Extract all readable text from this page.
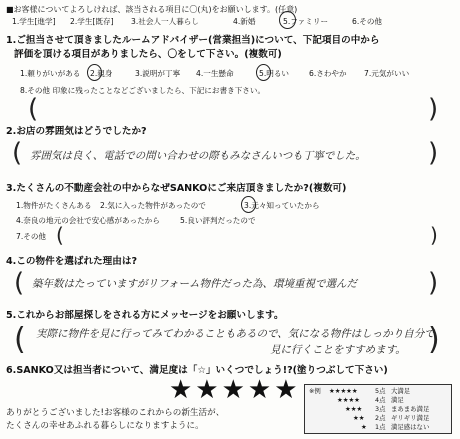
■お客様についてよろしければ、該当される項目に〇(丸)をお願いします。(任意)
1.学生[進学] 2.学生[既存] 3.社会人一人暮らし	4.新婚	5.ファミリー	6.その他
1.ご担当させて頂きましたルームアドバイザー(営業担当)について、下記項目の中から
評価を頂ける項目がありましたら、〇をして下さい。(複数可)
1.頼りがいがある 2.親身	3.説明が丁寧 4.一生懸命	5.明るい	6.さわやか 7.元気がいい
8.その他 印象に残ったことなどございましたら、下記にお書き下さい。
(	)
2.お店の雰囲気はどうでしたか?
( 雰囲気は良く、電話での問い合わせの際もみなさんいつも丁寧でした。 )
3.たくさんの不動産会社の中からなぜSANKOにご来店頂きましたか?(複数可)
1.物件がたくさんある 2.気に入った物件があったので	3.元々知っていたから
4.奈良の地元の会社で安心感があったから	5.良い評判だったので
7.その他 (	)
4.この物件を選ばれた理由は?
( 築年数はたっていますがリフォーム物件だった為、環境重視で選んだ	)
5.これからお部屋探しをされる方にメッセージをお願いします。
( 実際に物件を見に行ってみてわかることもあるので、気になる物件はしっかり自分で
見に行くことをすすめます。 )
6.SANKO又は担当者について、満足度は「☆」いくつでしょう!?(塗りつぶして下さい)
★★★★★ ※例 ★★★★★	5点 大満足
★★★★ 4点 満足
★★★ 3点 まあまあ満足
★★ 2点 ギリギリ満足
★ 1点 満足感はない
ありがとうございました!お客様のこれからの新生活が、
たくさんの幸せあふれる暮らしになりますように。
